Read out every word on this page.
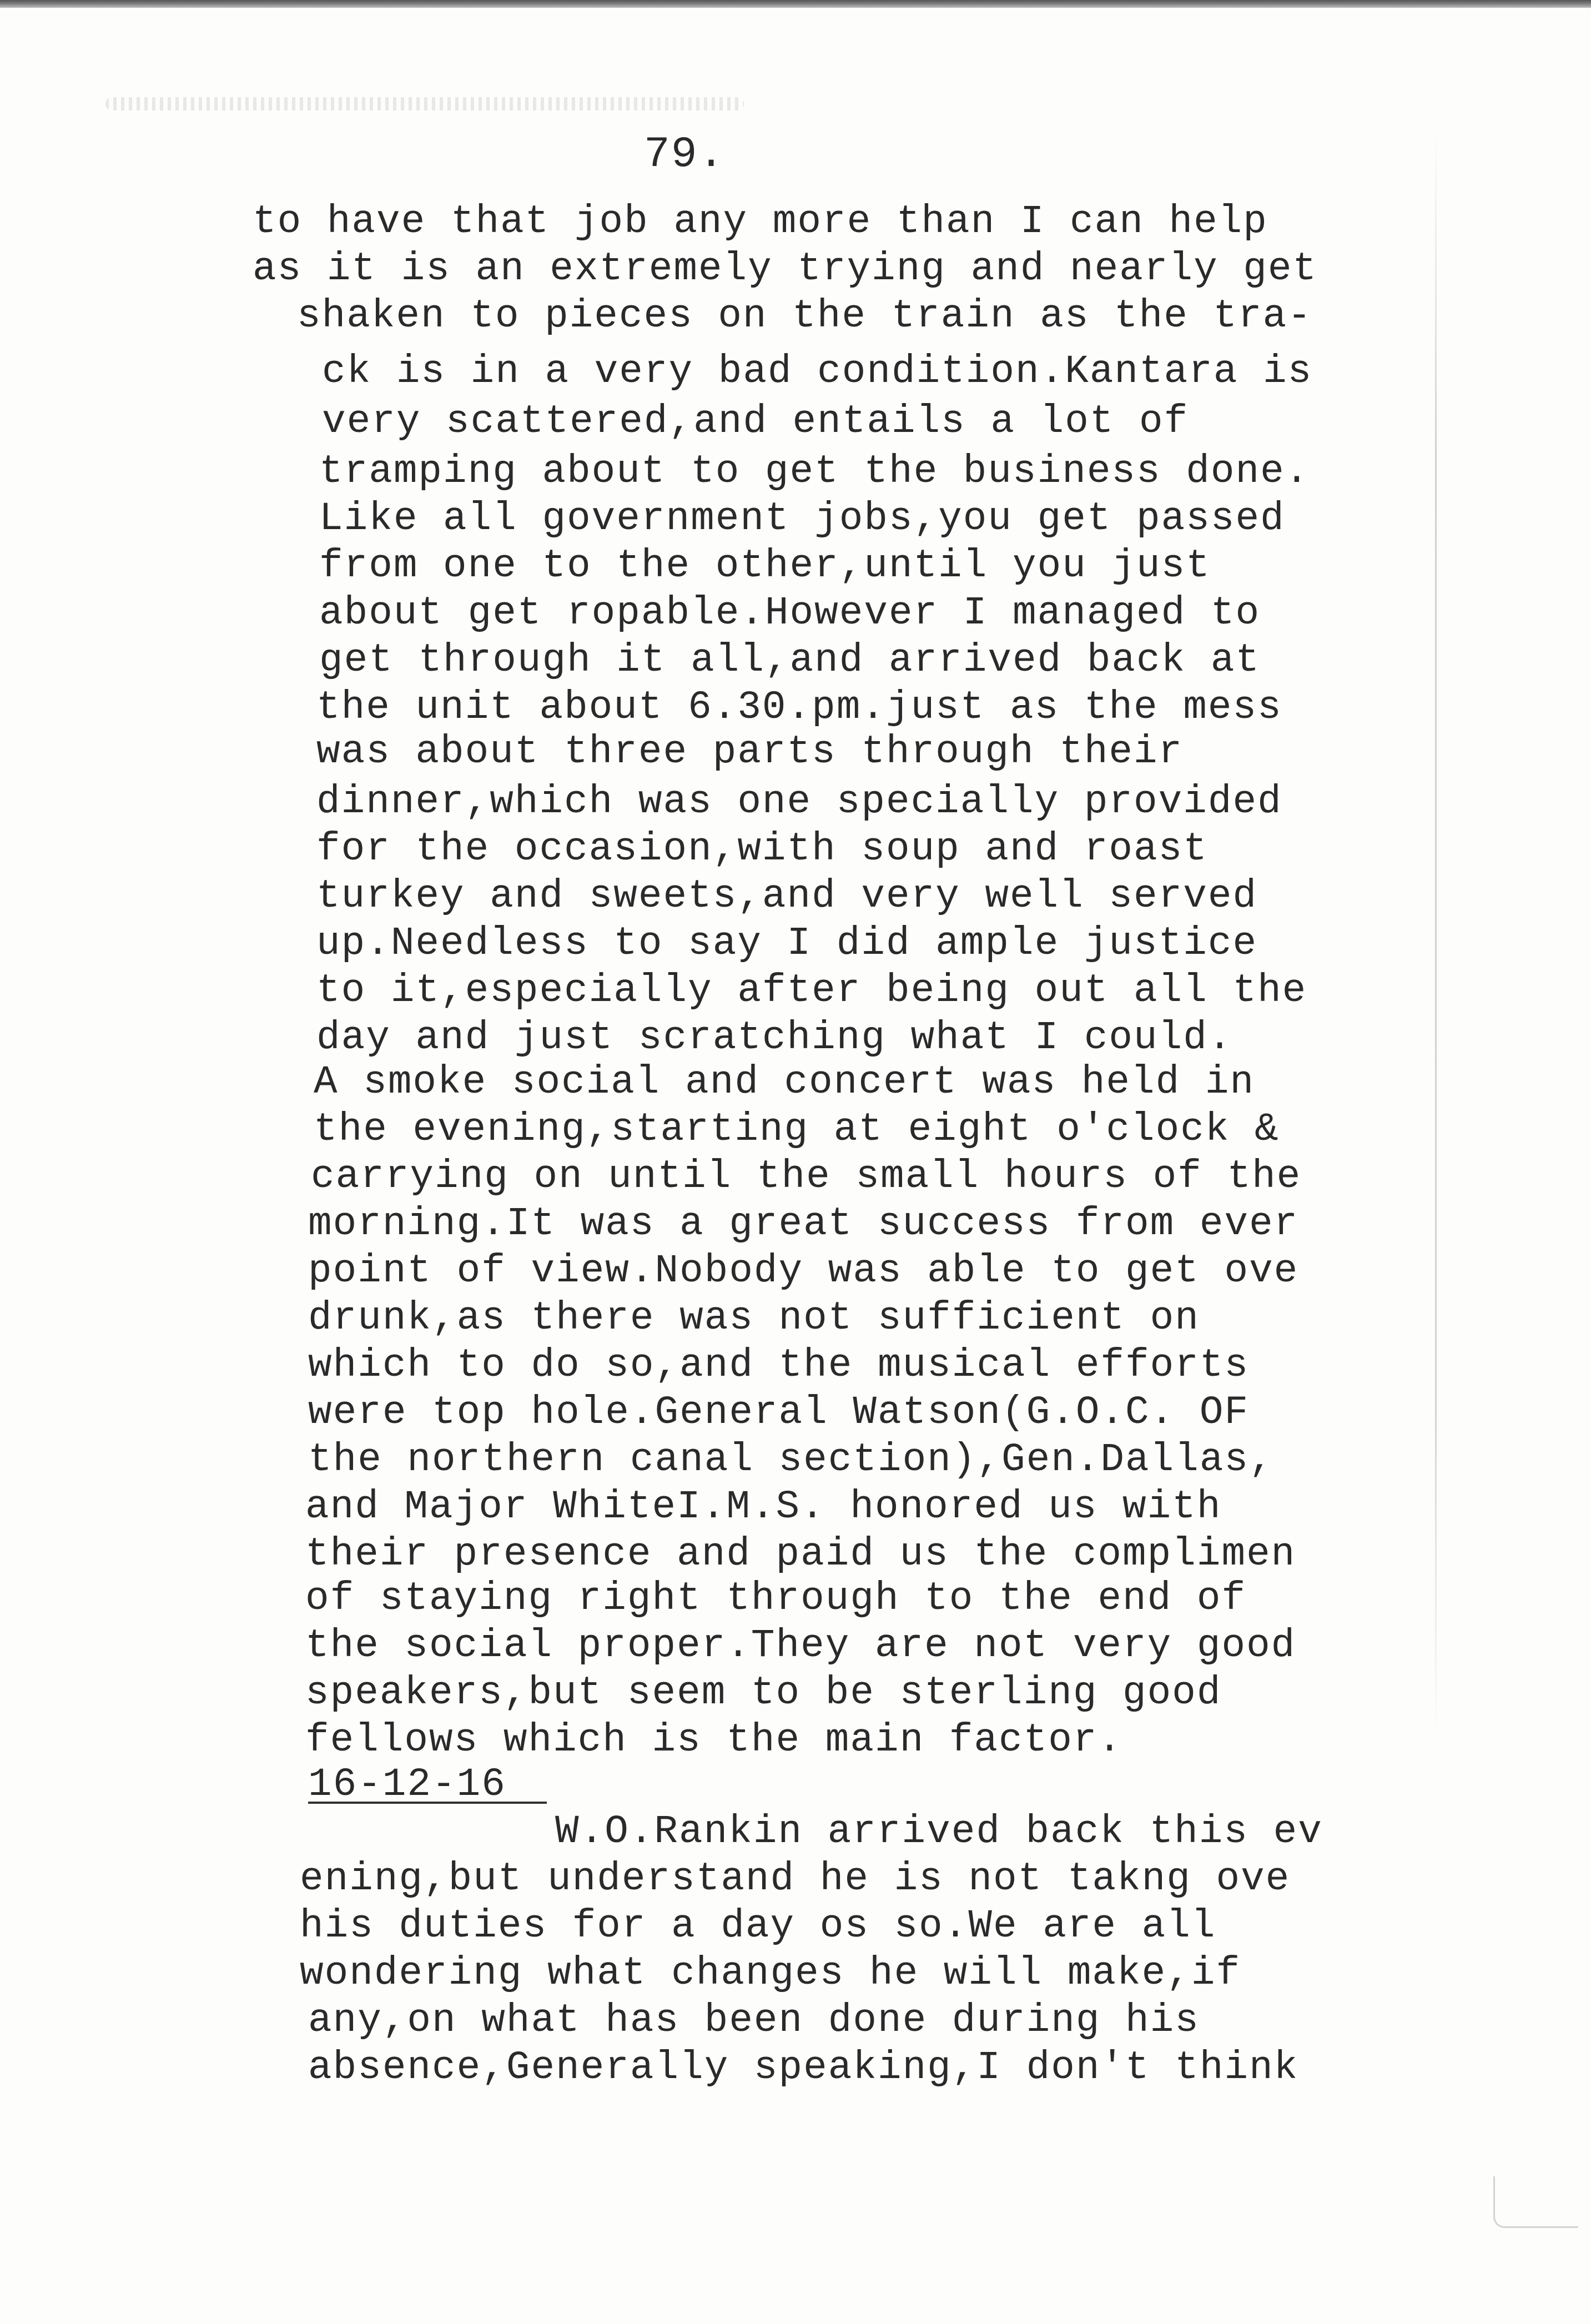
79.
to have that job any more than I can help
as it is an extremely trying and nearly get
shaken to pieces on the train as the tra-
ck is in a very bad condition.Kantara is
very scattered,and entails a lot of
tramping about to get the business done.
Like all government jobs,you get passed
from one to the other,until you just
about get ropable.However I managed to
get through it all,and arrived back at
the unit about 6.30.pm.just as the mess
was about three parts through their
dinner,which was one specially provided
for the occasion,with soup and roast
turkey and sweets,and very well served
up.Needless to say I did ample justice
to it,especially after being out all the
day and just scratching what I could.
A smoke social and concert was held in
the evening,starting at eight o'clock &
carrying on until the small hours of the
morning.It was a great success from ever
point of view.Nobody was able to get ove
drunk,as there was not sufficient on
which to do so,and the musical efforts
were top hole.General Watson(G.O.C. OF
the northern canal section),Gen.Dallas,
and Major WhiteI.M.S. honored us with
their presence and paid us the complimen
of staying right through to the end of
the social proper.They are not very good
speakers,but seem to be sterling good
fellows which is the main factor.
16-12-16
W.O.Rankin arrived back this ev
ening,but understand he is not takng ove
his duties for a day os so.We are all
wondering what changes he will make,if
any,on what has been done during his
absence,Generally speaking,I don't think
